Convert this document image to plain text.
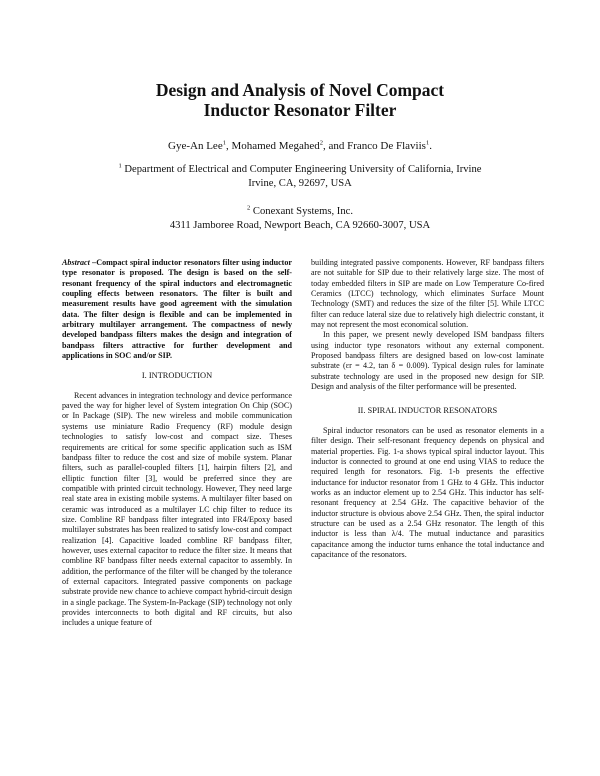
Design and Analysis of Novel Compact
Inductor Resonator Filter
Gye-An Lee$^1$, Mohamed Megahed$^2$, and Franco De Flaviis$^1$.
$^1$ Department of Electrical and Computer Engineering University of California, Irvine
Irvine, CA, 92697, USA
$^2$ Conexant Systems, Inc.
4311 Jamboree Road, Newport Beach, CA 92660-3007, USA

Abstract –Compact spiral inductor resonators filter using inductor type resonator is proposed. The design is based on the self-resonant frequency of the spiral inductors and electromagnetic coupling effects between resonators. The filter is built and measurement results have good agreement with the simulation data. The filter design is flexible and can be implemented in arbitrary multilayer arrangement. The compactness of newly developed bandpass filters makes the design and integration of bandpass filters attractive for further development and applications in SOC and/or SIP.

I. INTRODUCTION

Recent advances in integration technology and device performance paved the way for higher level of System integration On Chip (SOC) or In Package (SIP). The new wireless and mobile communication systems use miniature Radio Frequency (RF) module design technologies to satisfy low-cost and compact size. Theses requirements are critical for some specific application such as ISM bandpass filter to reduce the cost and size of mobile system. Planar filters, such as parallel-coupled filters [1], hairpin filters [2], and elliptic function filter [3], would be preferred since they are compatible with printed circuit technology. However, They need large real state area in existing mobile systems. A multilayer filter based on ceramic was introduced as a multilayer LC chip filter to reduce its size. Combline RF bandpass filter integrated into FR4/Epoxy based multilayer substrates has been realized to satisfy low-cost and compact realization [4]. Capacitive loaded combline RF bandpass filter, however, uses external capacitor to reduce the filter size. It means that combline RF bandpass filter needs external capacitor to assembly. In addition, the performance of the filter will be changed by the tolerance of external capacitors. Integrated passive components on package substrate provide new chance to achieve compact hybrid-circuit design in a single package. The System-In-Package (SIP) technology not only provides interconnects to both digital and RF circuits, but also includes a unique feature of

building integrated passive components. However, RF bandpass filters are not suitable for SIP due to their relatively large size. The most of today embedded filters in SIP are made on Low Temperature Co-fired Ceramics (LTCC) technology, which eliminates Surface Mount Technology (SMT) and reduces the size of the filter [5]. While LTCC filter can reduce lateral size due to relatively high dielectric constant, it may not represent the most economical solution.

In this paper, we present newly developed ISM bandpass filters using inductor type resonators without any external component. Proposed bandpass filters are designed based on low-cost laminate substrate (εr = 4.2, tan δ = 0.009). Typical design rules for laminate substrate technology are used in the proposed new design for SIP. Design and analysis of the filter performance will be presented.

II. SPIRAL INDUCTOR RESONATORS

Spiral inductor resonators can be used as resonator elements in a filter design. Their self-resonant frequency depends on physical and material properties. Fig. 1-a shows typical spiral inductor layout. This inductor is connected to ground at one end using VIAS to reduce the required length for resonators. Fig. 1-b presents the effective inductance for inductor resonator from 1 GHz to 4 GHz. This inductor works as an inductor element up to 2.54 GHz. This inductor has self-resonant frequency at 2.54 GHz. The capacitive behavior of the inductor structure is obvious above 2.54 GHz. Then, the spiral inductor structure can be used as a 2.54 GHz resonator. The length of this inductor is less than λ/4. The mutual inductance and parasitics capacitance among the inductor turns enhance the total inductance and capacitance of the resonators.
